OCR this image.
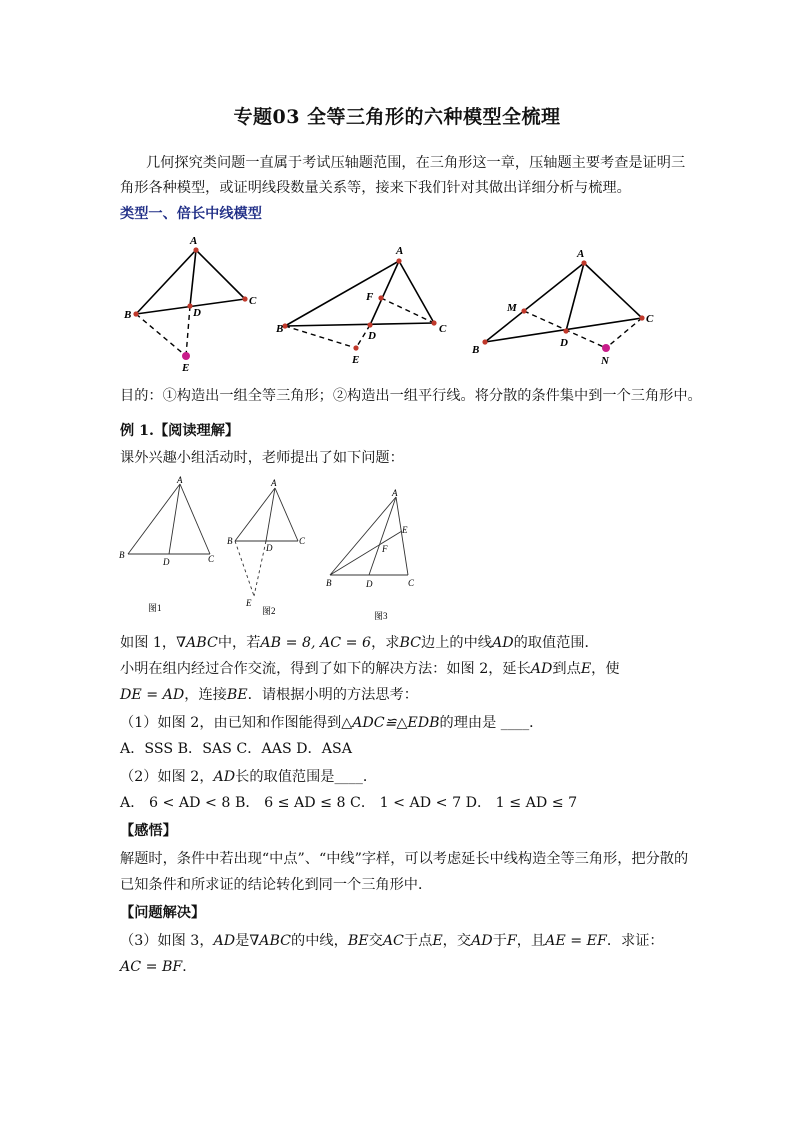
专题03 全等三角形的六种模型全梳理
几何探究类问题一直属于考试压轴题范围，在三角形这一章，压轴题主要考查是证明三
角形各种模型，或证明线段数量关系等，接来下我们针对其做出详细分析与梳理。
类型一、倍长中线模型
A
B
C
D
E
A
B	C
D
F
E
A
B
C
D
M
N
目的：①构造出一组全等三角形；②构造出一组平行线。将分散的条件集中到一个三角形中。
例 1.【阅读理解】
课外兴趣小组活动时，老师提出了如下问题：
A
B	C
D
图1
A
B	C
D
E
图2
A
B	C
D
E
F
图3
如图 1，∇ABC中，若AB = 8, AC = 6，求BC边上的中线AD的取值范围．
小明在组内经过合作交流，得到了如下的解决方法：如图 2，延长AD到点E，使
DE = AD，连接BE．请根据小明的方法思考：
（1）如图 2，由已知和作图能得到△ADC≌△EDB的理由是 ____．
A．SSS B．SAS C．AAS D．ASA
（2）如图 2，AD长的取值范围是____．
A． 6 < AD < 8 B． 6 ≤ AD ≤ 8 C． 1 < AD < 7 D． 1 ≤ AD ≤ 7
【感悟】
解题时，条件中若出现“中点”、“中线”字样，可以考虑延长中线构造全等三角形，把分散的
已知条件和所求证的结论转化到同一个三角形中．
【问题解决】
（3）如图 3，AD是∇ABC的中线，BE交AC于点E，交AD于F，且AE = EF．求证：
AC = BF．
